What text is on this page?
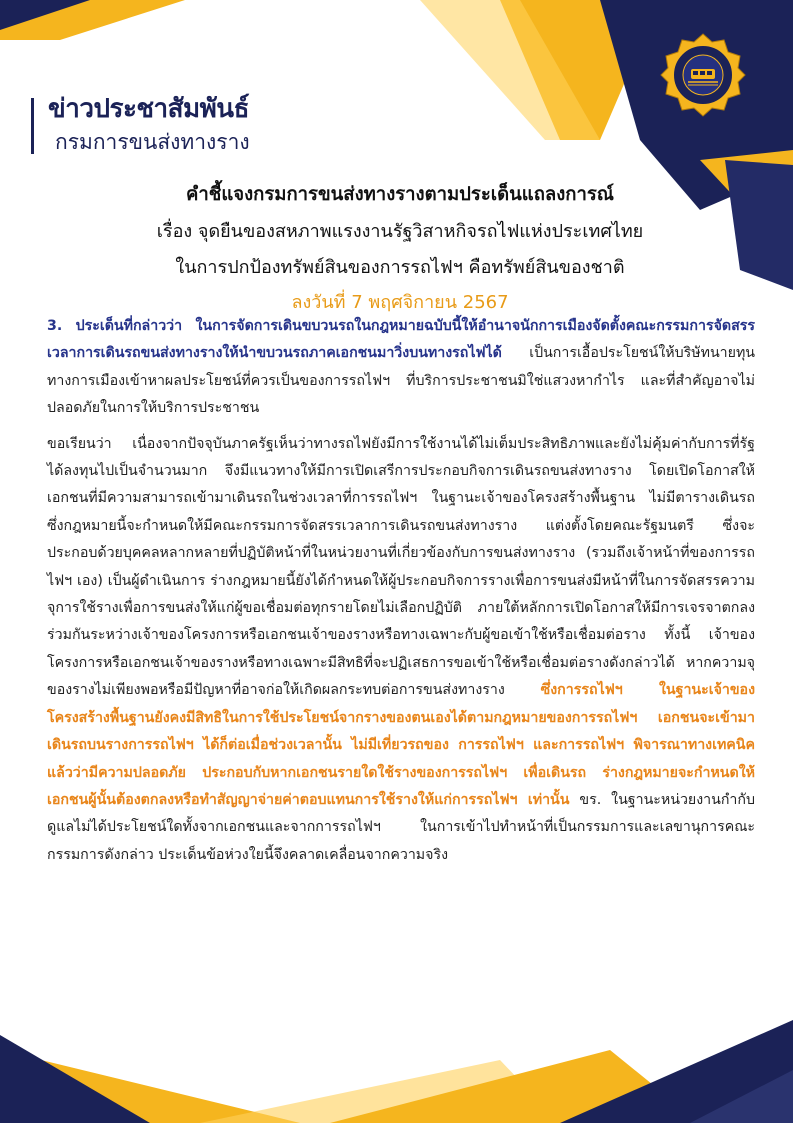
ข่าวประชาสัมพันธ์
กรมการขนส่งทางราง
คำชี้แจงกรมการขนส่งทางรางตามประเด็นแถลงการณ์
เรื่อง จุดยืนของสหภาพแรงงานรัฐวิสาหกิจรถไฟแห่งประเทศไทย
ในการปกป้องทรัพย์สินของการรถไฟฯ คือทรัพย์สินของชาติ
ลงวันที่ 7 พฤศจิกายน 2567

3. ประเด็นที่กล่าวว่า ในการจัดการเดินขบวนรถในกฎหมายฉบับนี้ให้อำนาจนักการเมืองจัดตั้งคณะกรรมการจัดสรรเวลาการเดินรถขนส่งทางรางให้นำขบวนรถภาคเอกชนมาวิ่งบนทางรถไฟได้ เป็นการเอื้อประโยชน์ให้บริษัทนายทุนทางการเมืองเข้าหาผลประโยชน์ที่ควรเป็นของการรถไฟฯ ที่บริการประชาชนมิใช่แสวงหากำไร และที่สำคัญอาจไม่ปลอดภัยในการให้บริการประชาชน

ขอเรียนว่า เนื่องจากปัจจุบันภาครัฐเห็นว่าทางรถไฟยังมีการใช้งานได้ไม่เต็มประสิทธิภาพและยังไม่คุ้มค่ากับการที่รัฐได้ลงทุนไปเป็นจำนวนมาก จึงมีแนวทางให้มีการเปิดเสรีการประกอบกิจการเดินรถขนส่งทางราง โดยเปิดโอกาสให้เอกชนที่มีความสามารถเข้ามาเดินรถในช่วงเวลาที่การรถไฟฯ ในฐานะเจ้าของโครงสร้างพื้นฐาน ไม่มีตารางเดินรถ ซึ่งกฎหมายนี้จะกำหนดให้มีคณะกรรมการจัดสรรเวลาการเดินรถขนส่งทางราง แต่งตั้งโดยคณะรัฐมนตรี ซึ่งจะประกอบด้วยบุคคลหลากหลายที่ปฏิบัติหน้าที่ในหน่วยงานที่เกี่ยวข้องกับการขนส่งทางราง (รวมถึงเจ้าหน้าที่ของการรถไฟฯ เอง) เป็นผู้ดำเนินการ ร่างกฎหมายนี้ยังได้กำหนดให้ผู้ประกอบกิจการรางเพื่อการขนส่งมีหน้าที่ในการจัดสรรความจุการใช้รางเพื่อการขนส่งให้แก่ผู้ขอเชื่อมต่อทุกรายโดยไม่เลือกปฏิบัติ ภายใต้หลักการเปิดโอกาสให้มีการเจรจาตกลงร่วมกันระหว่างเจ้าของโครงการหรือเอกชนเจ้าของรางหรือทางเฉพาะกับผู้ขอเข้าใช้หรือเชื่อมต่อราง ทั้งนี้ เจ้าของโครงการหรือเอกชนเจ้าของรางหรือทางเฉพาะมีสิทธิที่จะปฏิเสธการขอเข้าใช้หรือเชื่อมต่อรางดังกล่าวได้ หากความจุของรางไม่เพียงพอหรือมีปัญหาที่อาจก่อให้เกิดผลกระทบต่อการขนส่งทางราง ซึ่งการรถไฟฯ ในฐานะเจ้าของโครงสร้างพื้นฐานยังคงมีสิทธิในการใช้ประโยชน์จากรางของตนเองได้ตามกฎหมายของการรถไฟฯ เอกชนจะเข้ามาเดินรถบนรางการรถไฟฯ ได้ก็ต่อเมื่อช่วงเวลานั้น ไม่มีเที่ยวรถของ การรถไฟฯ และการรถไฟฯ พิจารณาทางเทคนิคแล้วว่ามีความปลอดภัย ประกอบกับหากเอกชนรายใดใช้รางของการรถไฟฯ เพื่อเดินรถ ร่างกฎหมายจะกำหนดให้เอกชนผู้นั้นต้องตกลงหรือทำสัญญาจ่ายค่าตอบแทนการใช้รางให้แก่การรถไฟฯ เท่านั้น ขร. ในฐานะหน่วยงานกำกับดูแลไม่ได้ประโยชน์ใดทั้งจากเอกชนและจากการรถไฟฯ ในการเข้าไปทำหน้าที่เป็นกรรมการและเลขานุการคณะกรรมการดังกล่าว ประเด็นข้อห่วงใยนี้จึงคลาดเคลื่อนจากความจริง
